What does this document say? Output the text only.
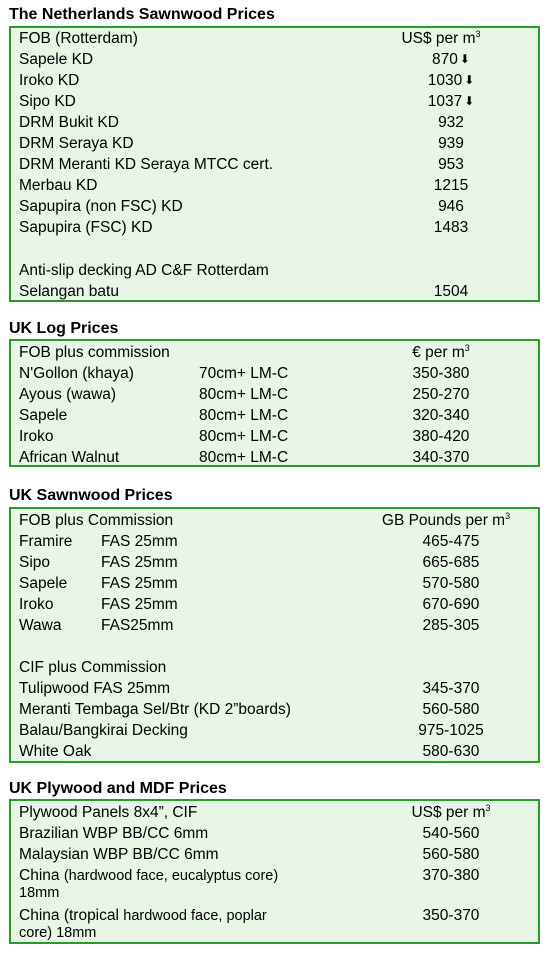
The Netherlands Sawnwood Prices
FOB (Rotterdam)	US$ per $m^3$
Sapele KD	870 ⬇
Iroko KD	1030 ⬇
Sipo KD	1037 ⬇
DRM Bukit KD	932
DRM Seraya KD	939
DRM Meranti KD Seraya MTCC cert.	953
Merbau KD	1215
Sapupira (non FSC) KD	946
Sapupira (FSC) KD	1483
Anti-slip decking AD C&F Rotterdam
Selangan batu	1504
UK Log Prices
FOB plus commission	€ per $m^3$
N'Gollon (khaya)	70cm+ LM-C	350-380
Ayous (wawa)	80cm+ LM-C	250-270
Sapele	80cm+ LM-C	320-340
Iroko	80cm+ LM-C	380-420
African Walnut	80cm+ LM-C	340-370
UK Sawnwood Prices
FOB plus Commission	GB Pounds per $m^3$
Framire FAS 25mm	465-475
Sipo	FAS 25mm	665-685
Sapele FAS 25mm	570-580
Iroko	FAS 25mm	670-690
Wawa	FAS25mm	285-305
CIF plus Commission
Tulipwood FAS 25mm	345-370
Meranti Tembaga Sel/Btr (KD 2”boards)	560-580
Balau/Bangkirai Decking	975-1025
White Oak	580-630
UK Plywood and MDF Prices
Plywood Panels 8x4”, CIF	US$ per $m^3$
Brazilian WBP BB/CC 6mm	540-560
Malaysian WBP BB/CC 6mm	560-580
China (hardwood face, eucalyptus core)	370-380
18mm
China (tropical hardwood face, poplar	350-370
core) 18mm
